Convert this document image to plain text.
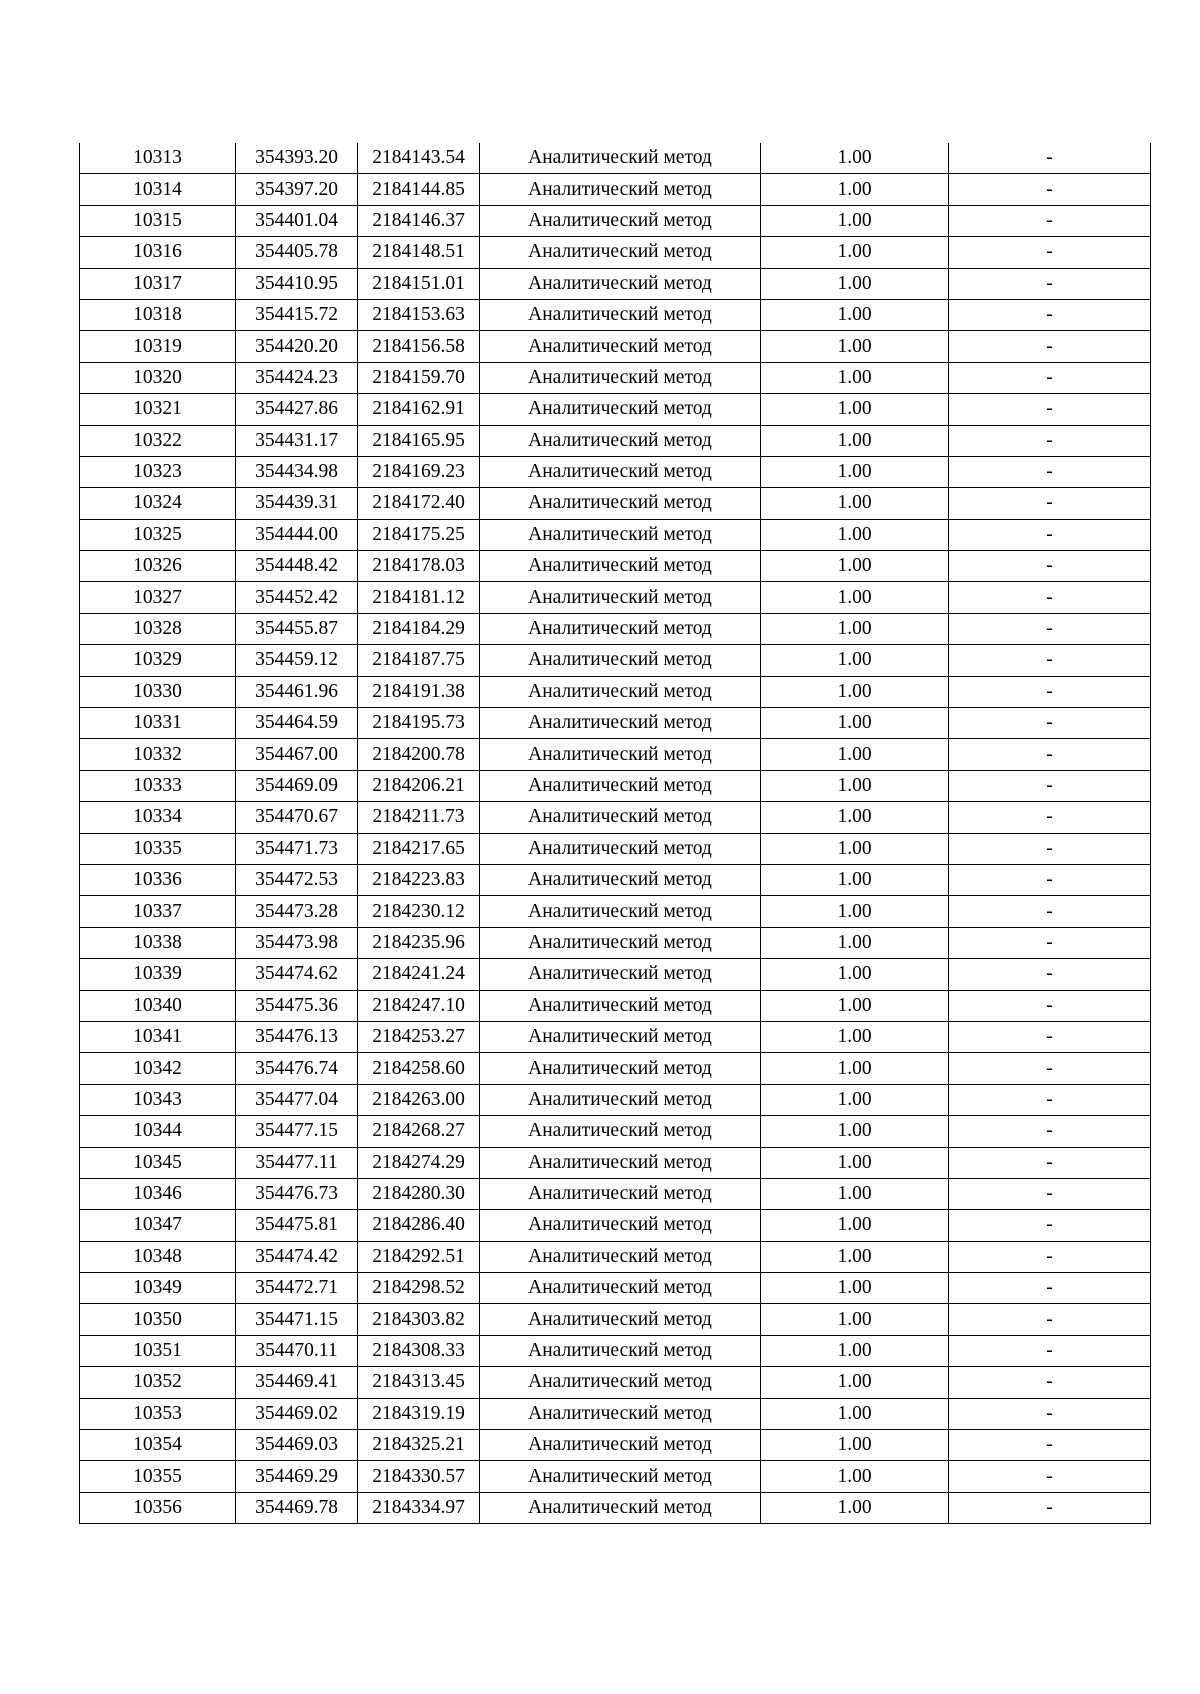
10313	354393.20	2184143.54	Аналитический метод	1.00	-
10314	354397.20	2184144.85	Аналитический метод	1.00	-
10315	354401.04	2184146.37	Аналитический метод	1.00	-
10316	354405.78	2184148.51	Аналитический метод	1.00	-
10317	354410.95	2184151.01	Аналитический метод	1.00	-
10318	354415.72	2184153.63	Аналитический метод	1.00	-
10319	354420.20	2184156.58	Аналитический метод	1.00	-
10320	354424.23	2184159.70	Аналитический метод	1.00	-
10321	354427.86	2184162.91	Аналитический метод	1.00	-
10322	354431.17	2184165.95	Аналитический метод	1.00	-
10323	354434.98	2184169.23	Аналитический метод	1.00	-
10324	354439.31	2184172.40	Аналитический метод	1.00	-
10325	354444.00	2184175.25	Аналитический метод	1.00	-
10326	354448.42	2184178.03	Аналитический метод	1.00	-
10327	354452.42	2184181.12	Аналитический метод	1.00	-
10328	354455.87	2184184.29	Аналитический метод	1.00	-
10329	354459.12	2184187.75	Аналитический метод	1.00	-
10330	354461.96	2184191.38	Аналитический метод	1.00	-
10331	354464.59	2184195.73	Аналитический метод	1.00	-
10332	354467.00	2184200.78	Аналитический метод	1.00	-
10333	354469.09	2184206.21	Аналитический метод	1.00	-
10334	354470.67	2184211.73	Аналитический метод	1.00	-
10335	354471.73	2184217.65	Аналитический метод	1.00	-
10336	354472.53	2184223.83	Аналитический метод	1.00	-
10337	354473.28	2184230.12	Аналитический метод	1.00	-
10338	354473.98	2184235.96	Аналитический метод	1.00	-
10339	354474.62	2184241.24	Аналитический метод	1.00	-
10340	354475.36	2184247.10	Аналитический метод	1.00	-
10341	354476.13	2184253.27	Аналитический метод	1.00	-
10342	354476.74	2184258.60	Аналитический метод	1.00	-
10343	354477.04	2184263.00	Аналитический метод	1.00	-
10344	354477.15	2184268.27	Аналитический метод	1.00	-
10345	354477.11	2184274.29	Аналитический метод	1.00	-
10346	354476.73	2184280.30	Аналитический метод	1.00	-
10347	354475.81	2184286.40	Аналитический метод	1.00	-
10348	354474.42	2184292.51	Аналитический метод	1.00	-
10349	354472.71	2184298.52	Аналитический метод	1.00	-
10350	354471.15	2184303.82	Аналитический метод	1.00	-
10351	354470.11	2184308.33	Аналитический метод	1.00	-
10352	354469.41	2184313.45	Аналитический метод	1.00	-
10353	354469.02	2184319.19	Аналитический метод	1.00	-
10354	354469.03	2184325.21	Аналитический метод	1.00	-
10355	354469.29	2184330.57	Аналитический метод	1.00	-
10356	354469.78	2184334.97	Аналитический метод	1.00	-
